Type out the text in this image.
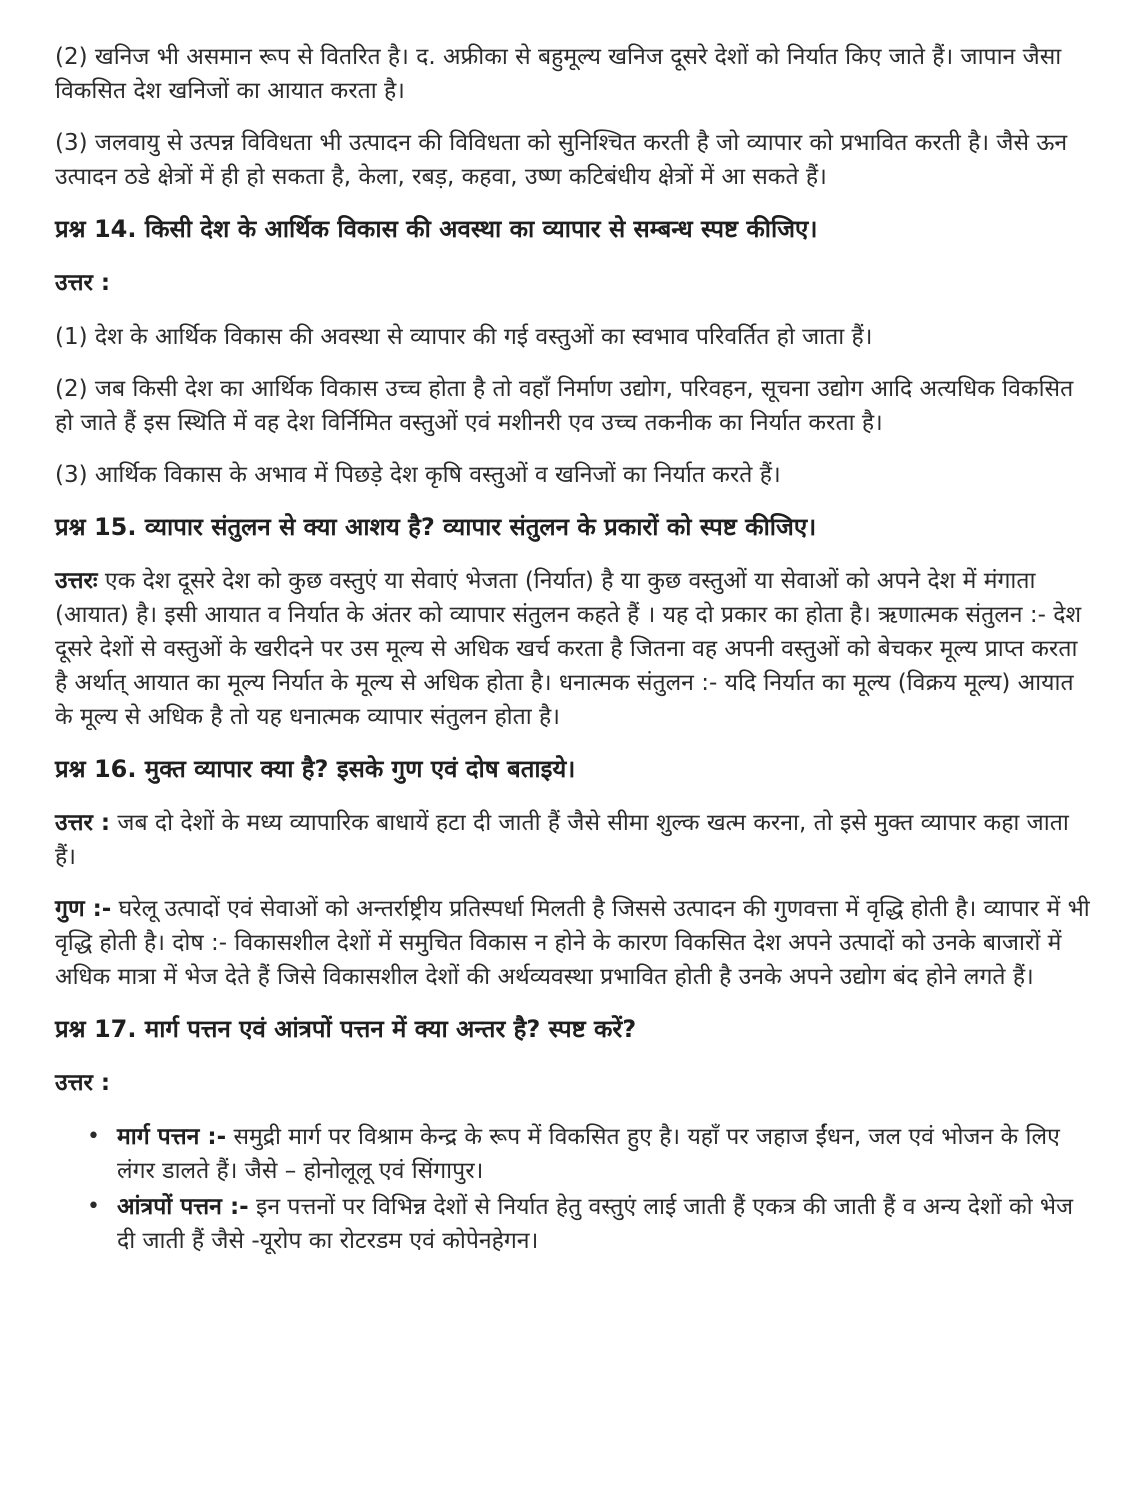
(2) खनिज भी असमान रूप से वितरित है। द. अफ्रीका से बहुमूल्य खनिज दूसरे देशों को निर्यात किए जाते हैं। जापान जैसा विकसित देश खनिजों का आयात करता है।

(3) जलवायु से उत्पन्न विविधता भी उत्पादन की विविधता को सुनिश्चित करती है जो व्यापार को प्रभावित करती है। जैसे ऊन उत्पादन ठडे क्षेत्रों में ही हो सकता है, केला, रबड़, कहवा, उष्ण कटिबंधीय क्षेत्रों में आ सकते हैं।

प्रश्न 14. किसी देश के आर्थिक विकास की अवस्था का व्यापार से सम्बन्ध स्पष्ट कीजिए।
उत्तर :

(1) देश के आर्थिक विकास की अवस्था से व्यापार की गई वस्तुओं का स्वभाव परिवर्तित हो जाता हैं।

(2) जब किसी देश का आर्थिक विकास उच्च होता है तो वहाँ निर्माण उद्योग, परिवहन, सूचना उद्योग आदि अत्यधिक विकसित हो जाते हैं इस स्थिति में वह देश विर्निमित वस्तुओं एवं मशीनरी एव उच्च तकनीक का निर्यात करता है।

(3) आर्थिक विकास के अभाव में पिछड़े देश कृषि वस्तुओं व खनिजों का निर्यात करते हैं।

प्रश्न 15. व्यापार संतुलन से क्या आशय है? व्यापार संतुलन के प्रकारों को स्पष्ट कीजिए।

उत्तरः एक देश दूसरे देश को कुछ वस्तुएं या सेवाएं भेजता (निर्यात) है या कुछ वस्तुओं या सेवाओं को अपने देश में मंगाता (आयात) है। इसी आयात व निर्यात के अंतर को व्यापार संतुलन कहते हैं । यह दो प्रकार का होता है। ऋणात्मक संतुलन :- देश दूसरे देशों से वस्तुओं के खरीदने पर उस मूल्य से अधिक खर्च करता है जितना वह अपनी वस्तुओं को बेचकर मूल्य प्राप्त करता है अर्थात् आयात का मूल्य निर्यात के मूल्य से अधिक होता है। धनात्मक संतुलन :- यदि निर्यात का मूल्य (विक्रय मूल्य) आयात के मूल्य से अधिक है तो यह धनात्मक व्यापार संतुलन होता है।

प्रश्न 16. मुक्त व्यापार क्या है? इसके गुण एवं दोष बताइये।

उत्तर : जब दो देशों के मध्य व्यापारिक बाधायें हटा दी जाती हैं जैसे सीमा शुल्क खत्म करना, तो इसे मुक्त व्यापार कहा जाता हैं।

गुण :- घरेलू उत्पादों एवं सेवाओं को अन्तर्राष्ट्रीय प्रतिस्पर्धा मिलती है जिससे उत्पादन की गुणवत्ता में वृद्धि होती है। व्यापार में भी वृद्धि होती है। दोष :- विकासशील देशों में समुचित विकास न होने के कारण विकसित देश अपने उत्पादों को उनके बाजारों में अधिक मात्रा में भेज देते हैं जिसे विकासशील देशों की अर्थव्यवस्था प्रभावित होती है उनके अपने उद्योग बंद होने लगते हैं।

प्रश्न 17. मार्ग पत्तन एवं आंत्रपों पत्तन में क्या अन्तर है? स्पष्ट करें?
उत्तर :
• मार्ग पत्तन :- समुद्री मार्ग पर विश्राम केन्द्र के रूप में विकसित हुए है। यहाँ पर जहाज ईंधन, जल एवं भोजन के लिए लंगर डालते हैं। जैसे – होनोलूलू एवं सिंगापुर।
• आंत्रपों पत्तन :- इन पत्तनों पर विभिन्न देशों से निर्यात हेतु वस्तुएं लाई जाती हैं एकत्र की जाती हैं व अन्य देशों को भेज दी जाती हैं जैसे -यूरोप का रोटरडम एवं कोपेनहेगन।
